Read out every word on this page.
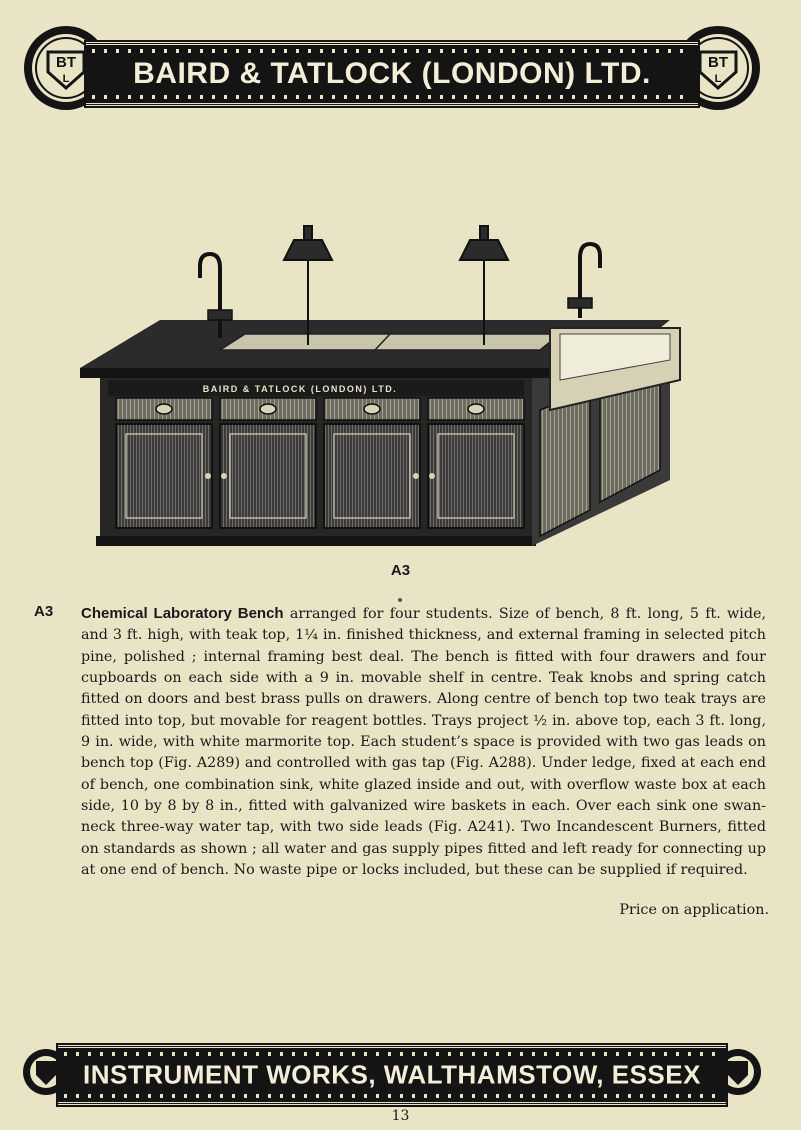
BT
L
BT
L
BAIRD & TATLOCK (LONDON) LTD.
BAIRD & TATLOCK (LONDON) LTD.
A3
A3 Chemical Laboratory Bench arranged for four students. Size of bench, 8 ft. long, 5 ft. wide, and 3 ft. high, with teak top, 1¼ in. finished thickness, and external framing in selected pitch pine, polished ; internal framing best deal. The bench is fitted with four drawers and four cupboards on each side with a 9 in. movable shelf in centre. Teak knobs and spring catch fitted on doors and best brass pulls on drawers. Along centre of bench top two teak trays are fitted into top, but movable for reagent bottles. Trays project ½ in. above top, each 3 ft. long, 9 in. wide, with white marmorite top. Each student’s space is provided with two gas leads on bench top (Fig. A289) and controlled with gas tap (Fig. A288). Under ledge, fixed at each end of bench, one combination sink, white glazed inside and out, with overflow waste box at each side, 10 by 8 by 8 in., fitted with galvanized wire baskets in each. Over each sink one swan-neck three-way water tap, with two side leads (Fig. A241). Two Incandescent Burners, fitted on standards as shown ; all water and gas supply pipes fitted and left ready for connecting up at one end of bench. No waste pipe or locks included, but these can be supplied if required.
Price on application.
INSTRUMENT WORKS, WALTHAMSTOW, ESSEX
13
